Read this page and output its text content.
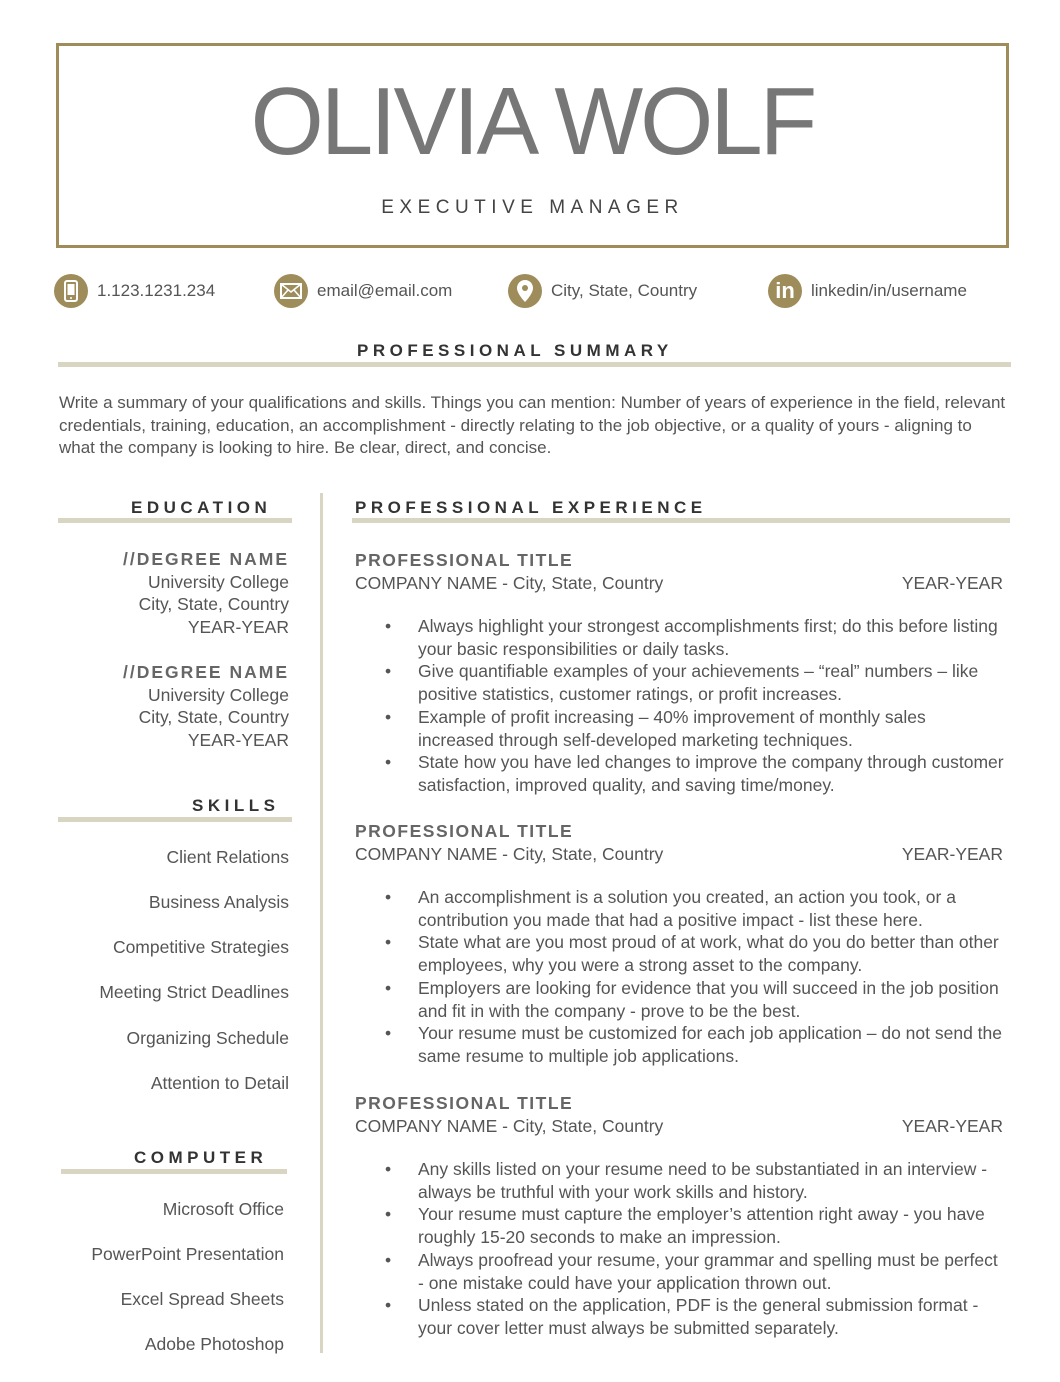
OLIVIA WOLF
EXECUTIVE MANAGER
1.123.1231.234	email@email.com	City, State, Country	in linkedin/in/username
PROFESSIONAL SUMMARY
Write a summary of your qualifications and skills. Things you can mention: Number of years of experience in the field, relevant credentials, training, education, an accomplishment - directly relating to the job objective, or a quality of yours - aligning to what the company is looking to hire. Be clear, direct, and concise.
EDUCATION
//DEGREE NAME
University College
City, State, Country
YEAR-YEAR
//DEGREE NAME
University College
City, State, Country
YEAR-YEAR
SKILLS
Client Relations
Business Analysis
Competitive Strategies
Meeting Strict Deadlines
Organizing Schedule
Attention to Detail
COMPUTER
Microsoft Office
PowerPoint Presentation
Excel Spread Sheets
Adobe Photoshop
PROFESSIONAL EXPERIENCE
PROFESSIONAL TITLE
COMPANY NAME - City, State, Country	YEAR-YEAR
• Always highlight your strongest accomplishments first; do this before listing your basic responsibilities or daily tasks.
• Give quantifiable examples of your achievements – “real” numbers – like positive statistics, customer ratings, or profit increases.
• Example of profit increasing – 40% improvement of monthly sales increased through self-developed marketing techniques.
• State how you have led changes to improve the company through customer satisfaction, improved quality, and saving time/money.
PROFESSIONAL TITLE
COMPANY NAME - City, State, Country	YEAR-YEAR
• An accomplishment is a solution you created, an action you took, or a contribution you made that had a positive impact - list these here.
• State what are you most proud of at work, what do you do better than other employees, why you were a strong asset to the company.
• Employers are looking for evidence that you will succeed in the job position and fit in with the company - prove to be the best.
• Your resume must be customized for each job application – do not send the same resume to multiple job applications.
PROFESSIONAL TITLE
COMPANY NAME - City, State, Country	YEAR-YEAR
• Any skills listed on your resume need to be substantiated in an interview - always be truthful with your work skills and history.
• Your resume must capture the employer’s attention right away - you have roughly 15-20 seconds to make an impression.
• Always proofread your resume, your grammar and spelling must be perfect - one mistake could have your application thrown out.
• Unless stated on the application, PDF is the general submission format - your cover letter must always be submitted separately.
